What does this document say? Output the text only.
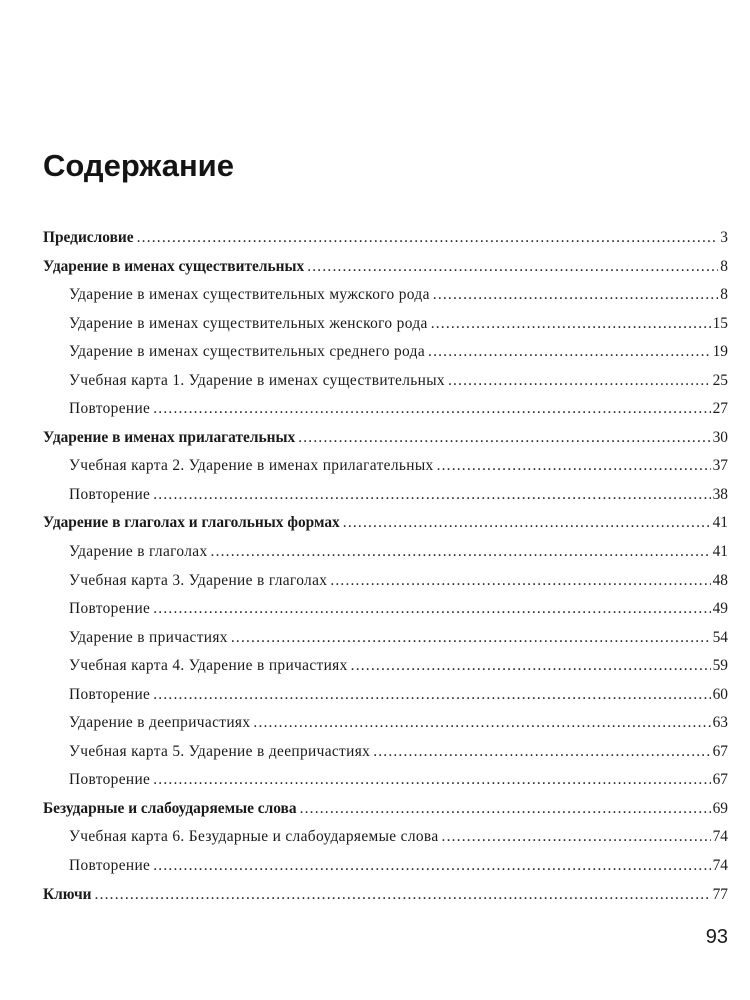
Содержание
Предисловие .....	3
Ударение в именах существительных .....	8
Ударение в именах существительных мужского рода .....	8
Ударение в именах существительных женского рода .....	15
Ударение в именах существительных среднего рода .....	19
Учебная карта 1. Ударение в именах существительных .....	25
Повторение .....	27
Ударение в именах прилагательных .....	30
Учебная карта 2. Ударение в именах прилагательных .....	37
Повторение .....	38
Ударение в глаголах и глагольных формах .....	41
Ударение в глаголах .....	41
Учебная карта 3. Ударение в глаголах .....	48
Повторение .....	49
Ударение в причастиях .....	54
Учебная карта 4. Ударение в причастиях .....	59
Повторение .....	60
Ударение в деепричастиях .....	63
Учебная карта 5. Ударение в деепричастиях .....	67
Повторение .....	67
Безударные и слабоударяемые слова .....	69
Учебная карта 6. Безударные и слабоударяемые слова .....	74
Повторение .....	74
Ключи .....	77
93
